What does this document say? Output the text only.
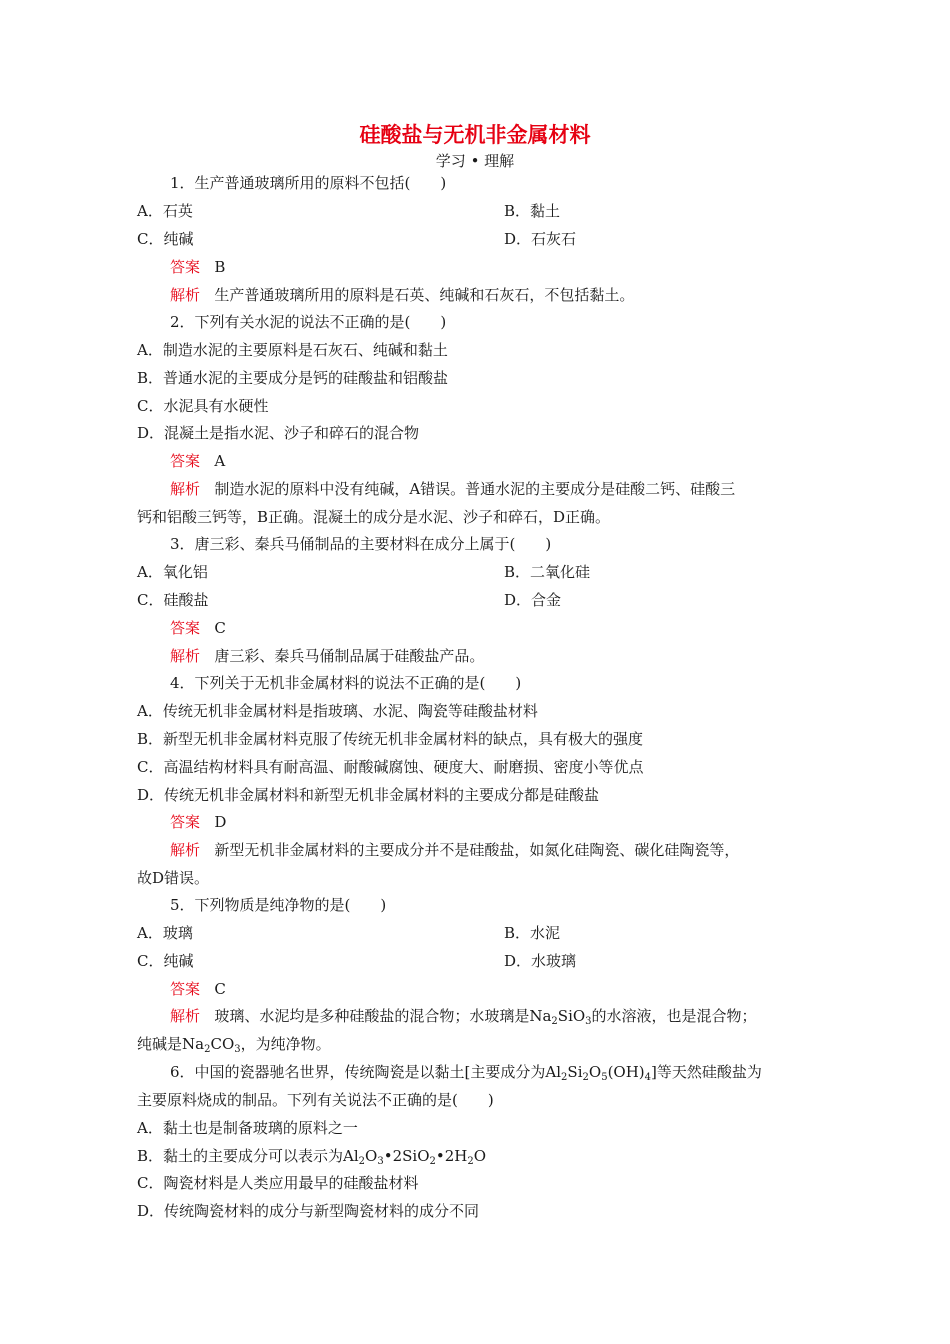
硅酸盐与无机非金属材料
学习 • 理解
1．生产普通玻璃所用的原料不包括(　　)
A．石英	B．黏土
C．纯碱	D．石灰石
答案 B
解析 生产普通玻璃所用的原料是石英、纯碱和石灰石，不包括黏土。
2．下列有关水泥的说法不正确的是(　　)
A．制造水泥的主要原料是石灰石、纯碱和黏土
B．普通水泥的主要成分是钙的硅酸盐和铝酸盐
C．水泥具有水硬性
D．混凝土是指水泥、沙子和碎石的混合物
答案 A
解析 制造水泥的原料中没有纯碱，A错误。普通水泥的主要成分是硅酸二钙、硅酸三
钙和铝酸三钙等，B正确。混凝土的成分是水泥、沙子和碎石，D正确。
3．唐三彩、秦兵马俑制品的主要材料在成分上属于(　　)
A．氧化铝	B．二氧化硅
C．硅酸盐	D．合金
答案 C
解析 唐三彩、秦兵马俑制品属于硅酸盐产品。
4．下列关于无机非金属材料的说法不正确的是(　　)
A．传统无机非金属材料是指玻璃、水泥、陶瓷等硅酸盐材料
B．新型无机非金属材料克服了传统无机非金属材料的缺点，具有极大的强度
C．高温结构材料具有耐高温、耐酸碱腐蚀、硬度大、耐磨损、密度小等优点
D．传统无机非金属材料和新型无机非金属材料的主要成分都是硅酸盐
答案 D
解析 新型无机非金属材料的主要成分并不是硅酸盐，如氮化硅陶瓷、碳化硅陶瓷等，
故D错误。
5．下列物质是纯净物的是(　　)
A．玻璃	B．水泥
C．纯碱	D．水玻璃
答案 C
解析 玻璃、水泥均是多种硅酸盐的混合物；水玻璃是$Na_2SiO_3$的水溶液，也是混合物；
纯碱是$Na_2CO_3$，为纯净物。
6．中国的瓷器驰名世界，传统陶瓷是以黏土[主要成分为$Al_2Si_2O_5(OH)_4$]等天然硅酸盐为
主要原料烧成的制品。下列有关说法不正确的是(　　)
A．黏土也是制备玻璃的原料之一
B．黏土的主要成分可以表示为$Al_2O_3•2SiO_2•2H_2O$
C．陶瓷材料是人类应用最早的硅酸盐材料
D．传统陶瓷材料的成分与新型陶瓷材料的成分不同
